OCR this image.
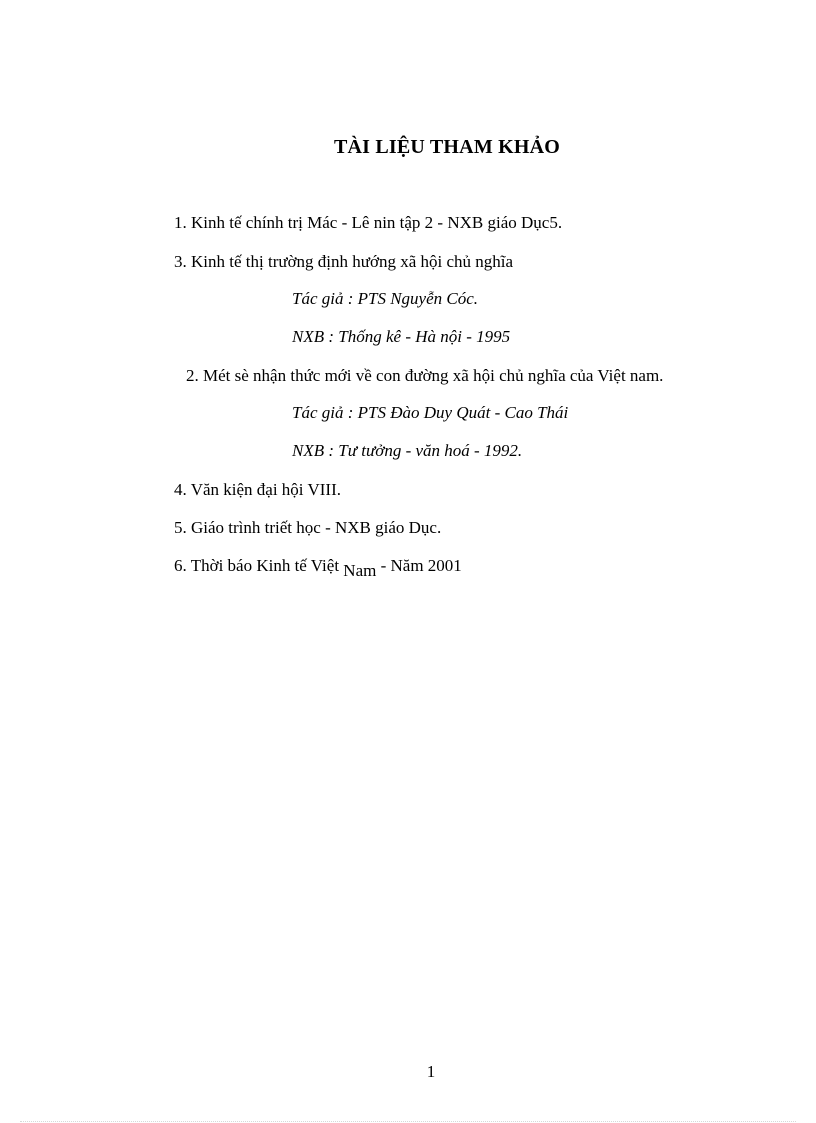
TÀI LIỆU THAM KHẢO
1. Kinh tế chính trị Mác - Lê nin tập 2 - NXB giáo Dục5.
3. Kinh tế thị trường định hướng xã hội chủ nghĩa
Tác giả : PTS Nguyễn Cóc.
NXB : Thống kê - Hà nội - 1995
2. Mét sè nhận thức mới về con đường xã hội chủ nghĩa của Việt nam.
Tác giả : PTS Đào Duy Quát - Cao Thái
NXB : Tư tưởng - văn hoá - 1992.
4. Văn kiện đại hội VIII.
5. Giáo trình triết học - NXB giáo Dục.
6. Thời báo Kinh tế Việt Nam - Năm 2001
1
